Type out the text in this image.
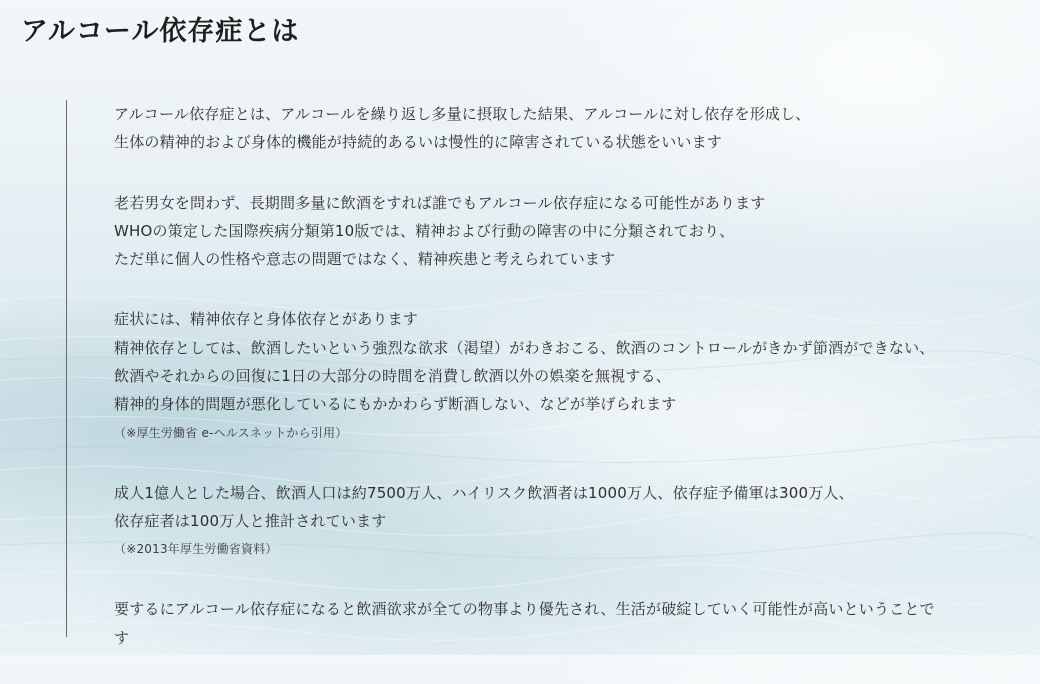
アルコール依存症とは
アルコール依存症とは、アルコールを繰り返し多量に摂取した結果、アルコールに対し依存を形成し、
生体の精神的および身体的機能が持続的あるいは慢性的に障害されている状態をいいます
老若男女を問わず、長期間多量に飲酒をすれば誰でもアルコール依存症になる可能性があります
WHOの策定した国際疾病分類第10版では、精神および行動の障害の中に分類されており、
ただ単に個人の性格や意志の問題ではなく、精神疾患と考えられています
症状には、精神依存と身体依存とがあります
精神依存としては、飲酒したいという強烈な欲求（渇望）がわきおこる、飲酒のコントロールがきかず節酒ができない、
飲酒やそれからの回復に1日の大部分の時間を消費し飲酒以外の娯楽を無視する、
精神的身体的問題が悪化しているにもかかわらず断酒しない、などが挙げられます
（※厚生労働省 e-ヘルスネットから引用）
成人1億人とした場合、飲酒人口は約7500万人、ハイリスク飲酒者は1000万人、依存症予備軍は300万人、
依存症者は100万人と推計されています
（※2013年厚生労働省資料）
要するにアルコール依存症になると飲酒欲求が全ての物事より優先され、生活が破綻していく可能性が高いということで
す
